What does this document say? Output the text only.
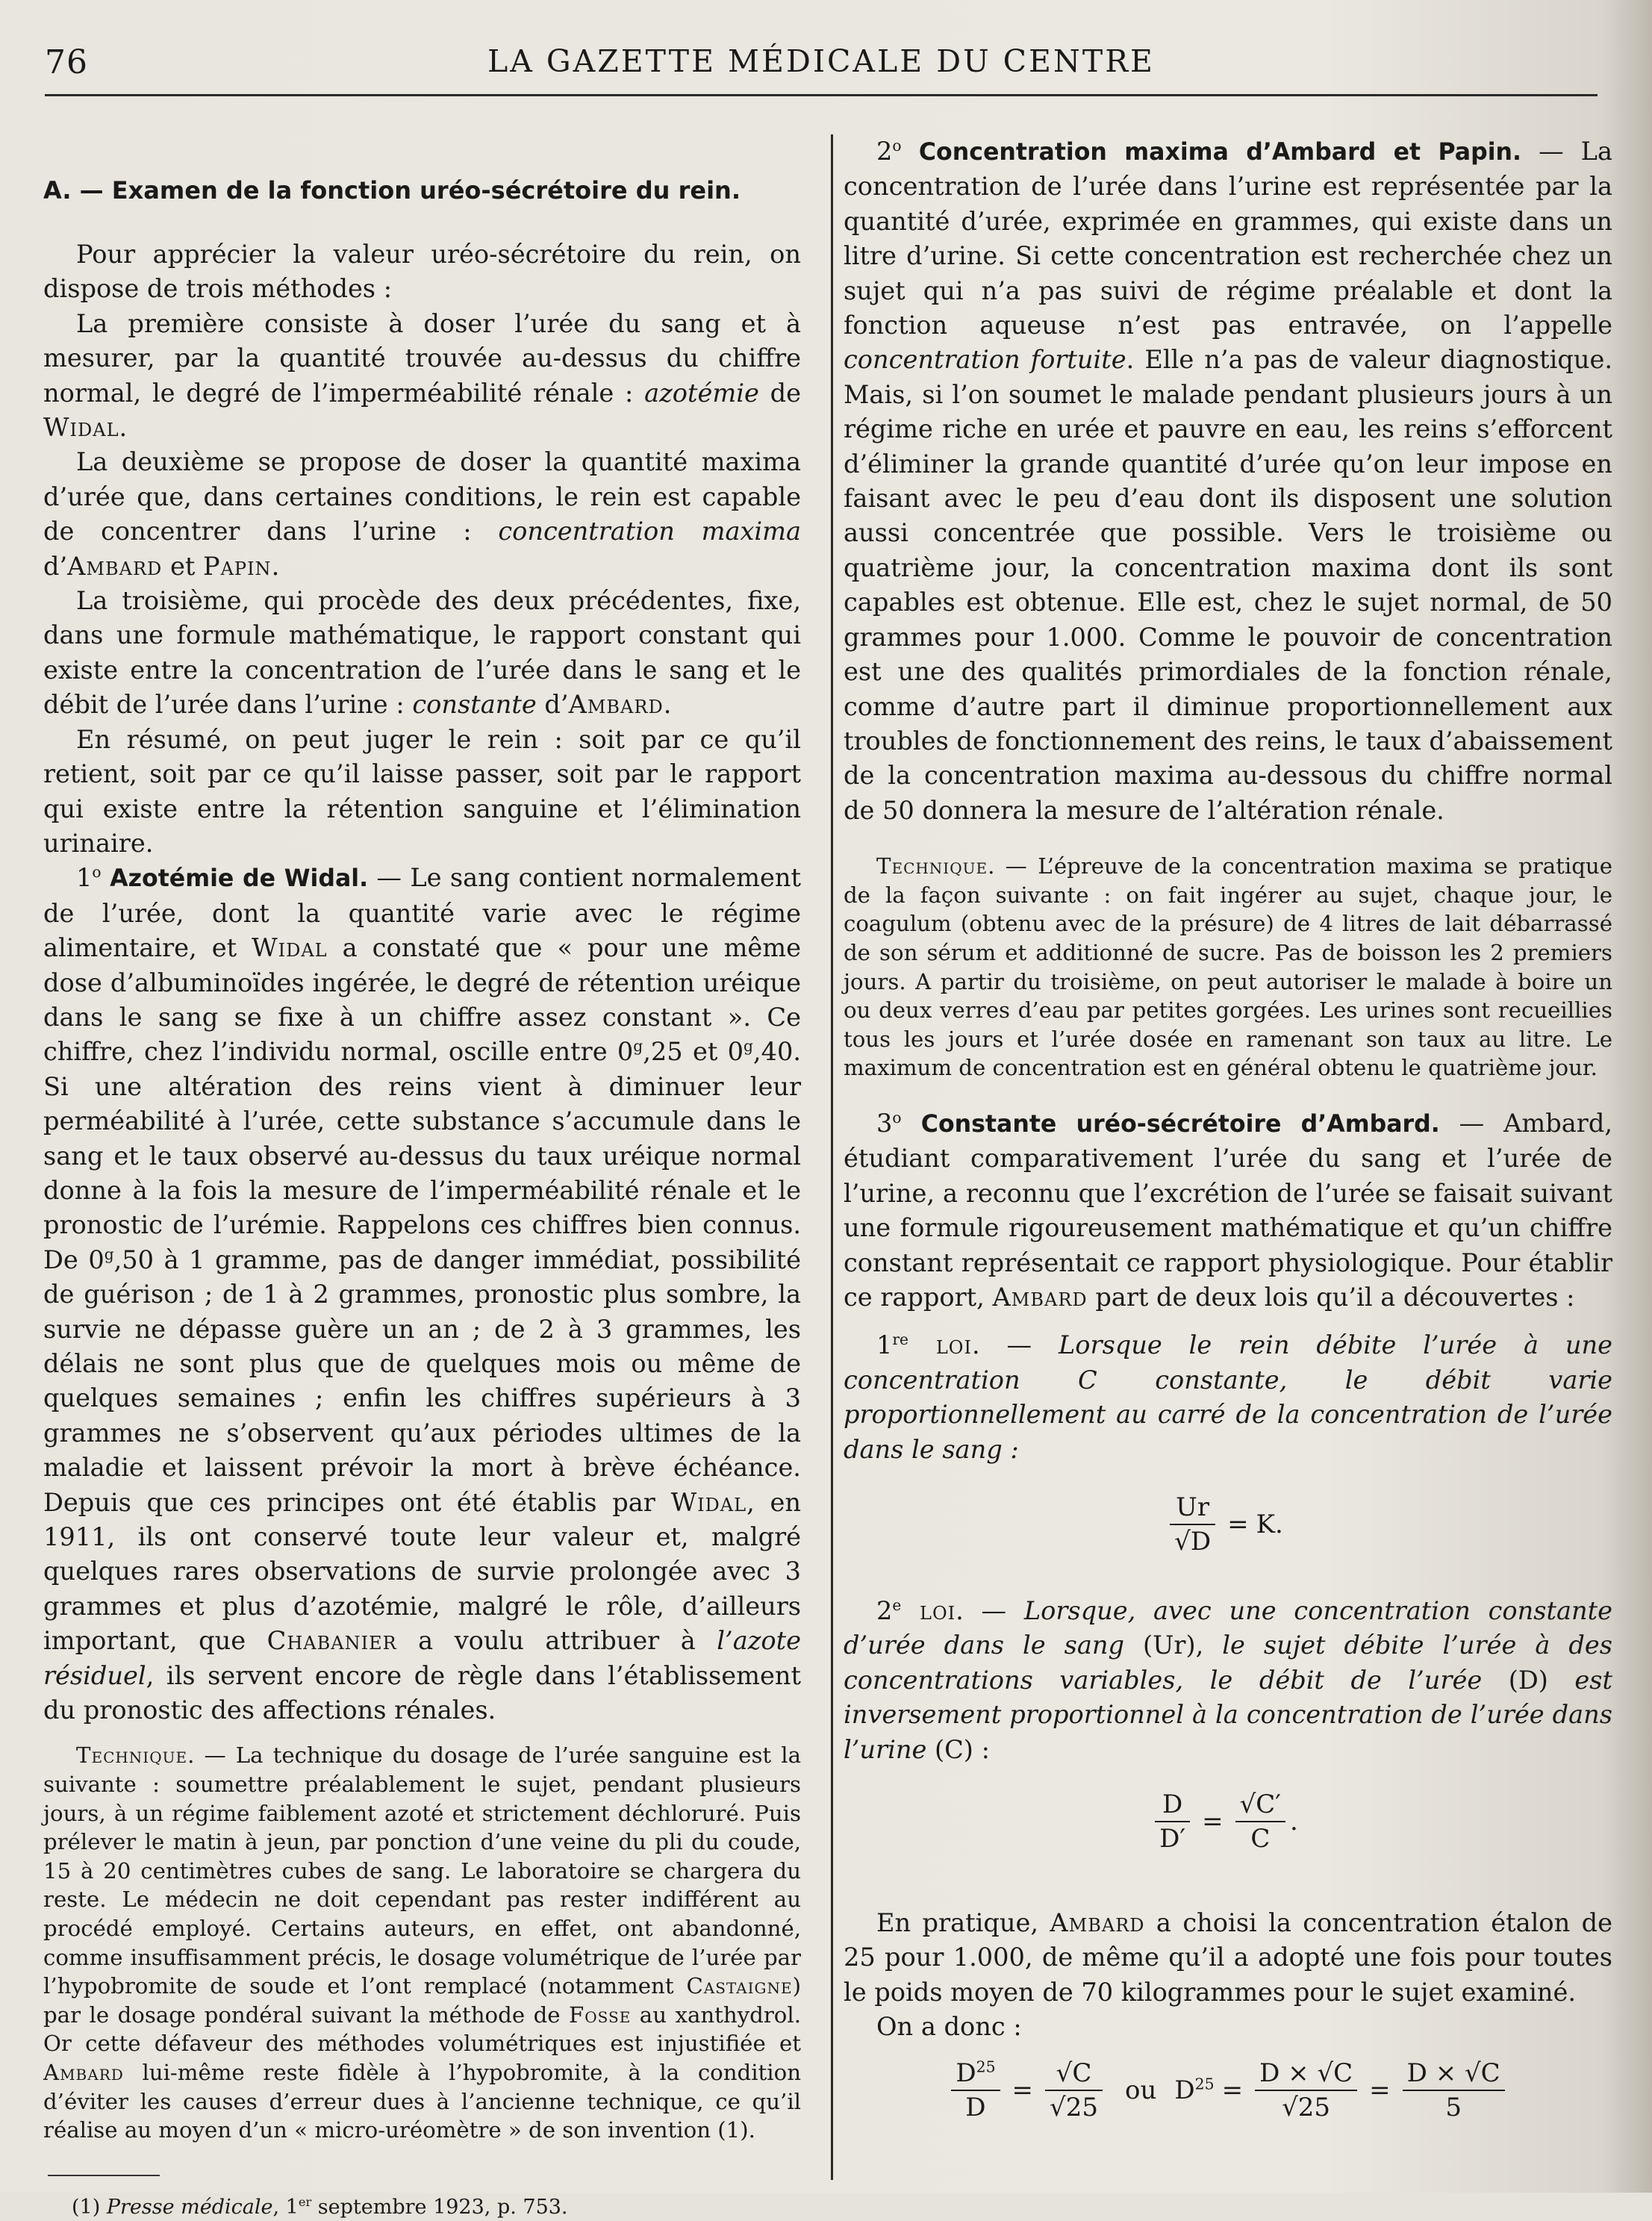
76	LA GAZETTE MÉDICALE DU CENTRE

A. — Examen de la fonction uréo-sécrétoire du rein.

Pour apprécier la valeur uréo-sécrétoire du rein, on dispose de trois méthodes :

La première consiste à doser l’urée du sang et à mesurer, par la quantité trouvée au-dessus du chiffre normal, le degré de l’imperméabilité rénale : azotémie de Widal.

La deuxième se propose de doser la quantité maxima d’urée que, dans certaines conditions, le rein est capable de concentrer dans l’urine : concentration maxima d’Ambard et Papin.

La troisième, qui procède des deux précédentes, fixe, dans une formule mathématique, le rapport constant qui existe entre la concentration de l’urée dans le sang et le débit de l’urée dans l’urine : constante d’Ambard.

En résumé, on peut juger le rein : soit par ce qu’il retient, soit par ce qu’il laisse passer, soit par le rapport qui existe entre la rétention sanguine et l’élimination urinaire.

1$^o$ Azotémie de Widal. — Le sang contient normalement de l’urée, dont la quantité varie avec le régime alimentaire, et Widal a constaté que « pour une même dose d’albuminoïdes ingérée, le degré de rétention uréique dans le sang se fixe à un chiffre assez constant ». Ce chiffre, chez l’individu normal, oscille entre 0$^g$,25 et 0$^g$,40. Si une altération des reins vient à diminuer leur perméabilité à l’urée, cette substance s’accumule dans le sang et le taux observé au-dessus du taux uréique normal donne à la fois la mesure de l’imperméabilité rénale et le pronostic de l’urémie. Rappelons ces chiffres bien connus. De 0$^g$,50 à 1 gramme, pas de danger immédiat, possibilité de guérison ; de 1 à 2 grammes, pronostic plus sombre, la survie ne dépasse guère un an ; de 2 à 3 grammes, les délais ne sont plus que de quelques mois ou même de quelques semaines ; enfin les chiffres supérieurs à 3 grammes ne s’observent qu’aux périodes ultimes de la maladie et laissent prévoir la mort à brève échéance. Depuis que ces principes ont été établis par Widal, en 1911, ils ont conservé toute leur valeur et, malgré quelques rares observations de survie prolongée avec 3 grammes et plus d’azotémie, malgré le rôle, d’ailleurs important, que Chabanier a voulu attribuer à l’azote résiduel, ils servent encore de règle dans l’établissement du pronostic des affections rénales.

Technique. — La technique du dosage de l’urée sanguine est la suivante : soumettre préalablement le sujet, pendant plusieurs jours, à un régime faiblement azoté et strictement déchloruré. Puis prélever le matin à jeun, par ponction d’une veine du pli du coude, 15 à 20 centimètres cubes de sang. Le laboratoire se chargera du reste. Le médecin ne doit cependant pas rester indifférent au procédé employé. Certains auteurs, en effet, ont abandonné, comme insuffisamment précis, le dosage volumétrique de l’urée par l’hypobromite de soude et l’ont remplacé (notamment Castaigne) par le dosage pondéral suivant la méthode de Fosse au xanthydrol. Or cette défaveur des méthodes volumétriques est injustifiée et Ambard lui-même reste fidèle à l’hypobromite, à la condition d’éviter les causes d’erreur dues à l’ancienne technique, ce qu’il réalise au moyen d’un « micro-uréomètre » de son invention (1).

(1) Presse médicale, 1er septembre 1923, p. 753.

2$^o$ Concentration maxima d’Ambard et Papin. — La concentration de l’urée dans l’urine est représentée par la quantité d’urée, exprimée en grammes, qui existe dans un litre d’urine. Si cette concentration est recherchée chez un sujet qui n’a pas suivi de régime préalable et dont la fonction aqueuse n’est pas entravée, on l’appelle concentration fortuite. Elle n’a pas de valeur diagnostique. Mais, si l’on soumet le malade pendant plusieurs jours à un régime riche en urée et pauvre en eau, les reins s’efforcent d’éliminer la grande quantité d’urée qu’on leur impose en faisant avec le peu d’eau dont ils disposent une solution aussi concentrée que possible. Vers le troisième ou quatrième jour, la concentration maxima dont ils sont capables est obtenue. Elle est, chez le sujet normal, de 50 grammes pour 1.000. Comme le pouvoir de concentration est une des qualités primordiales de la fonction rénale, comme d’autre part il diminue proportionnellement aux troubles de fonctionnement des reins, le taux d’abaissement de la concentration maxima au-dessous du chiffre normal de 50 donnera la mesure de l’altération rénale.

Technique. — L’épreuve de la concentration maxima se pratique de la façon suivante : on fait ingérer au sujet, chaque jour, le coagulum (obtenu avec de la présure) de 4 litres de lait débarrassé de son sérum et additionné de sucre. Pas de boisson les 2 premiers jours. A partir du troisième, on peut autoriser le malade à boire un ou deux verres d’eau par petites gorgées. Les urines sont recueillies tous les jours et l’urée dosée en ramenant son taux au litre. Le maximum de concentration est en général obtenu le quatrième jour.

3$^o$ Constante uréo-sécrétoire d’Ambard. — Ambard, étudiant comparativement l’urée du sang et l’urée de l’urine, a reconnu que l’excrétion de l’urée se faisait suivant une formule rigoureusement mathématique et qu’un chiffre constant représentait ce rapport physiologique. Pour établir ce rapport, Ambard part de deux lois qu’il a découvertes :

1re loi. — Lorsque le rein débite l’urée à une concentration C constante, le débit varie proportionnellement au carré de la concentration de l’urée dans le sang :

$\frac{Ur}{√D} = K$.

2e loi. — Lorsque, avec une concentration constante d’urée dans le sang (Ur), le sujet débite l’urée à des concentrations variables, le débit de l’urée (D) est inversement proportionnel à la concentration de l’urée dans l’urine (C) :

$\frac{D}{D'} = \frac{√C'}{C}$ .

En pratique, Ambard a choisi la concentration étalon de 25 pour 1.000, de même qu’il a adopté une fois pour toutes le poids moyen de 70 kilogrammes pour le sujet examiné.

On a donc :

$\frac{D^{25}}{D} = \frac{√C}{√25}$ ou $D^{25} = \frac{D \times √C}{√25} = \frac{D \times √C}{5}$
